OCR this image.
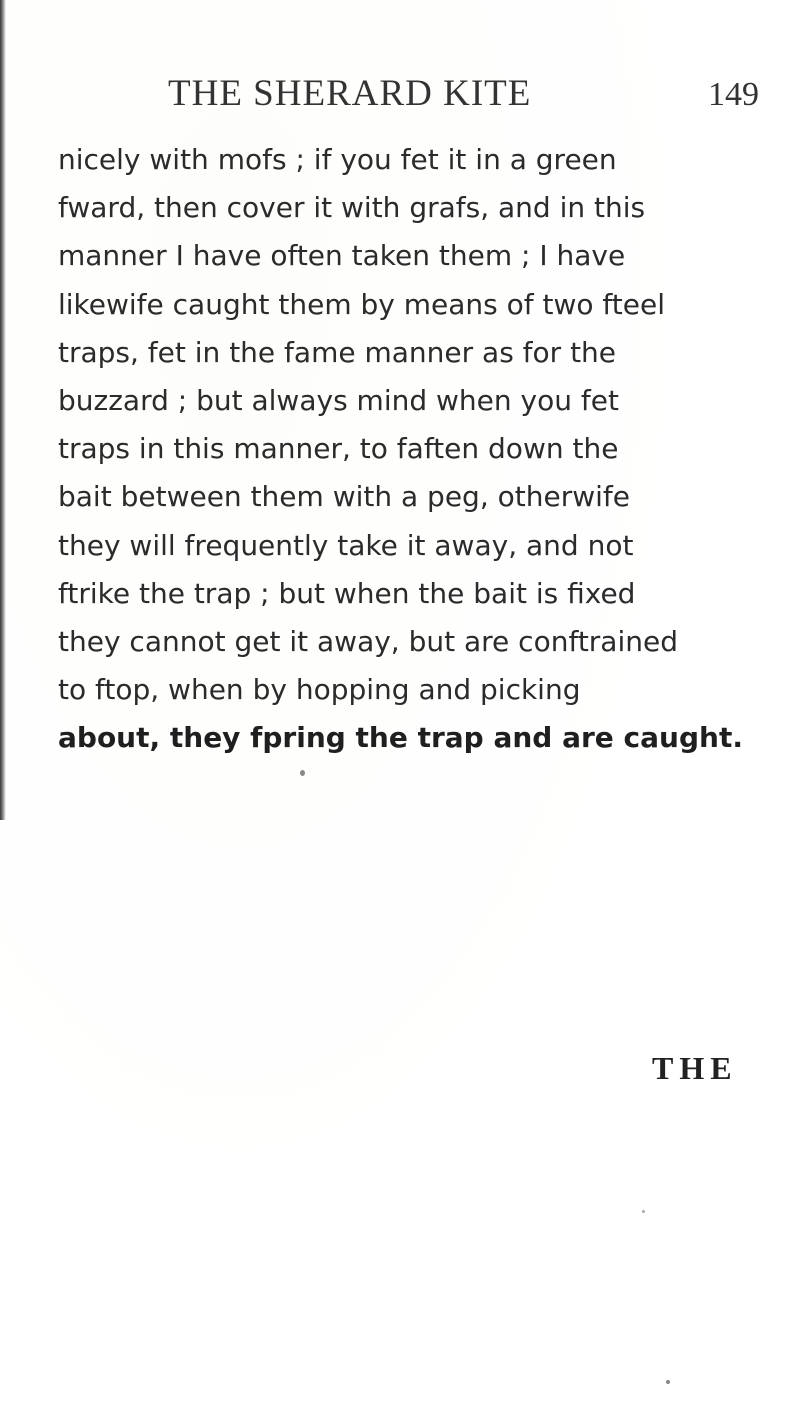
THE SHERARD KITE	149
nicely with mofs ; if you fet it in a green
fward, then cover it with grafs, and in this
manner I have often taken them ; I have
likewife caught them by means of two fteel
traps, fet in the fame manner as for the
buzzard ; but always mind when you fet
traps in this manner, to faften down the
bait between them with a peg, otherwife
they will frequently take it away, and not
ftrike the trap ; but when the bait is fixed
they cannot get it away, but are conftrained
to ftop, when by hopping and picking
about, they fpring the trap and are caught.
THE
